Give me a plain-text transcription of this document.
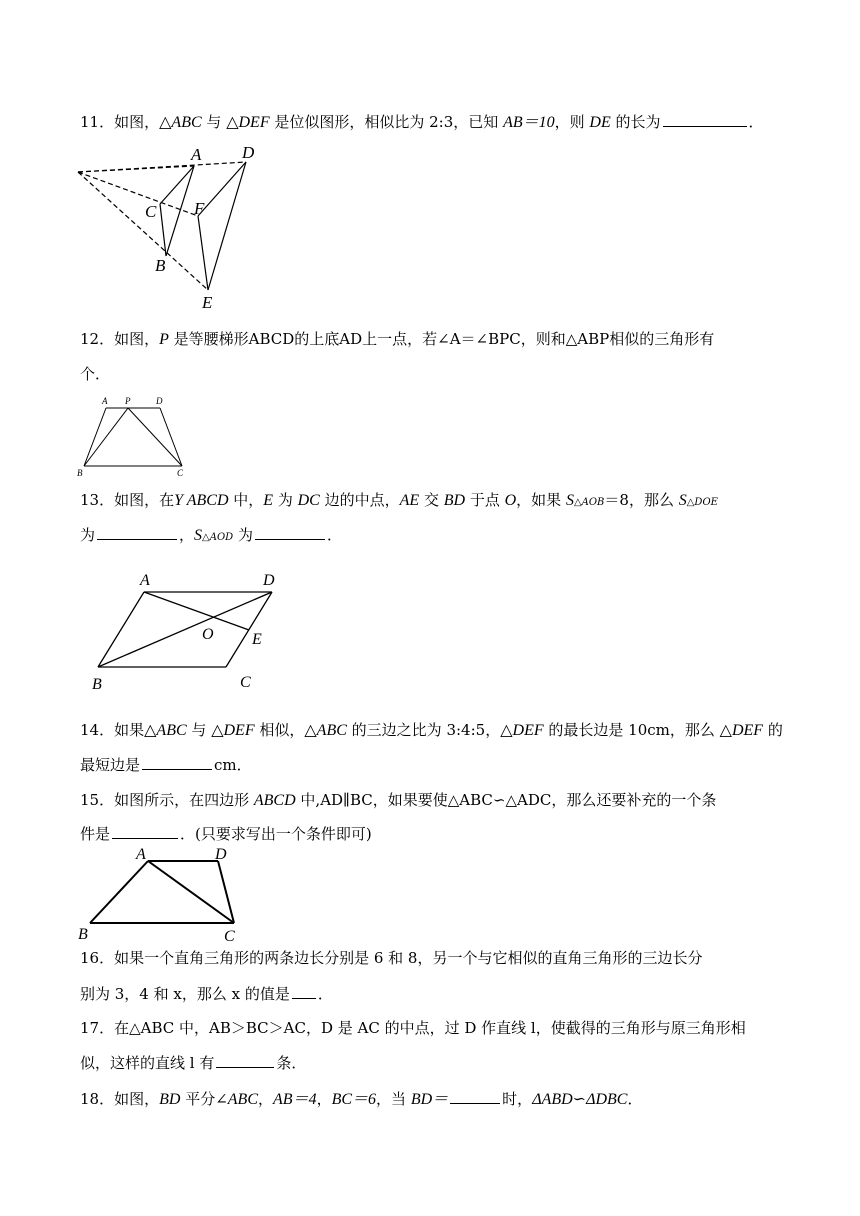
11．如图，△ABC 与 △DEF 是位似图形，相似比为 2:3，已知 AB＝10，则 DE 的长为	．
A D
C F
B
E
12．如图，P 是等腰梯形ABCD的上底AD上一点，若∠A＝∠BPC，则和△ABP相似的三角形有
个．
A P	D
B	C
13．如图，在Y ABCD 中，E 为 DC 边的中点，AE 交 BD 于点 O，如果 S△AOB＝8，那么 S△DOE
为	，S△AOD 为	．
A	D
O E
B	C
14．如果△ABC 与 △DEF 相似，△ABC 的三边之比为 3:4:5，△DEF 的最长边是 10cm，那么 △DEF 的
最短边是	cm．
15．如图所示，在四边形 ABCD 中,AD∥BC，如果要使△ABC∽△ADC，那么还要补充的一个条
件是	．(只要求写出一个条件即可)
A	D
B	C
16．如果一个直角三角形的两条边长分别是 6 和 8，另一个与它相似的直角三角形的三边长分
别为 3，4 和 x，那么 x 的值是 ．
17．在△ABC 中，AB＞BC＞AC，D 是 AC 的中点，过 D 作直线 l，使截得的三角形与原三角形相
似，这样的直线 l 有	条．
18．如图，BD 平分∠ABC，AB＝4，BC＝6，当 BD＝	时，ΔABD∽ΔDBC．
